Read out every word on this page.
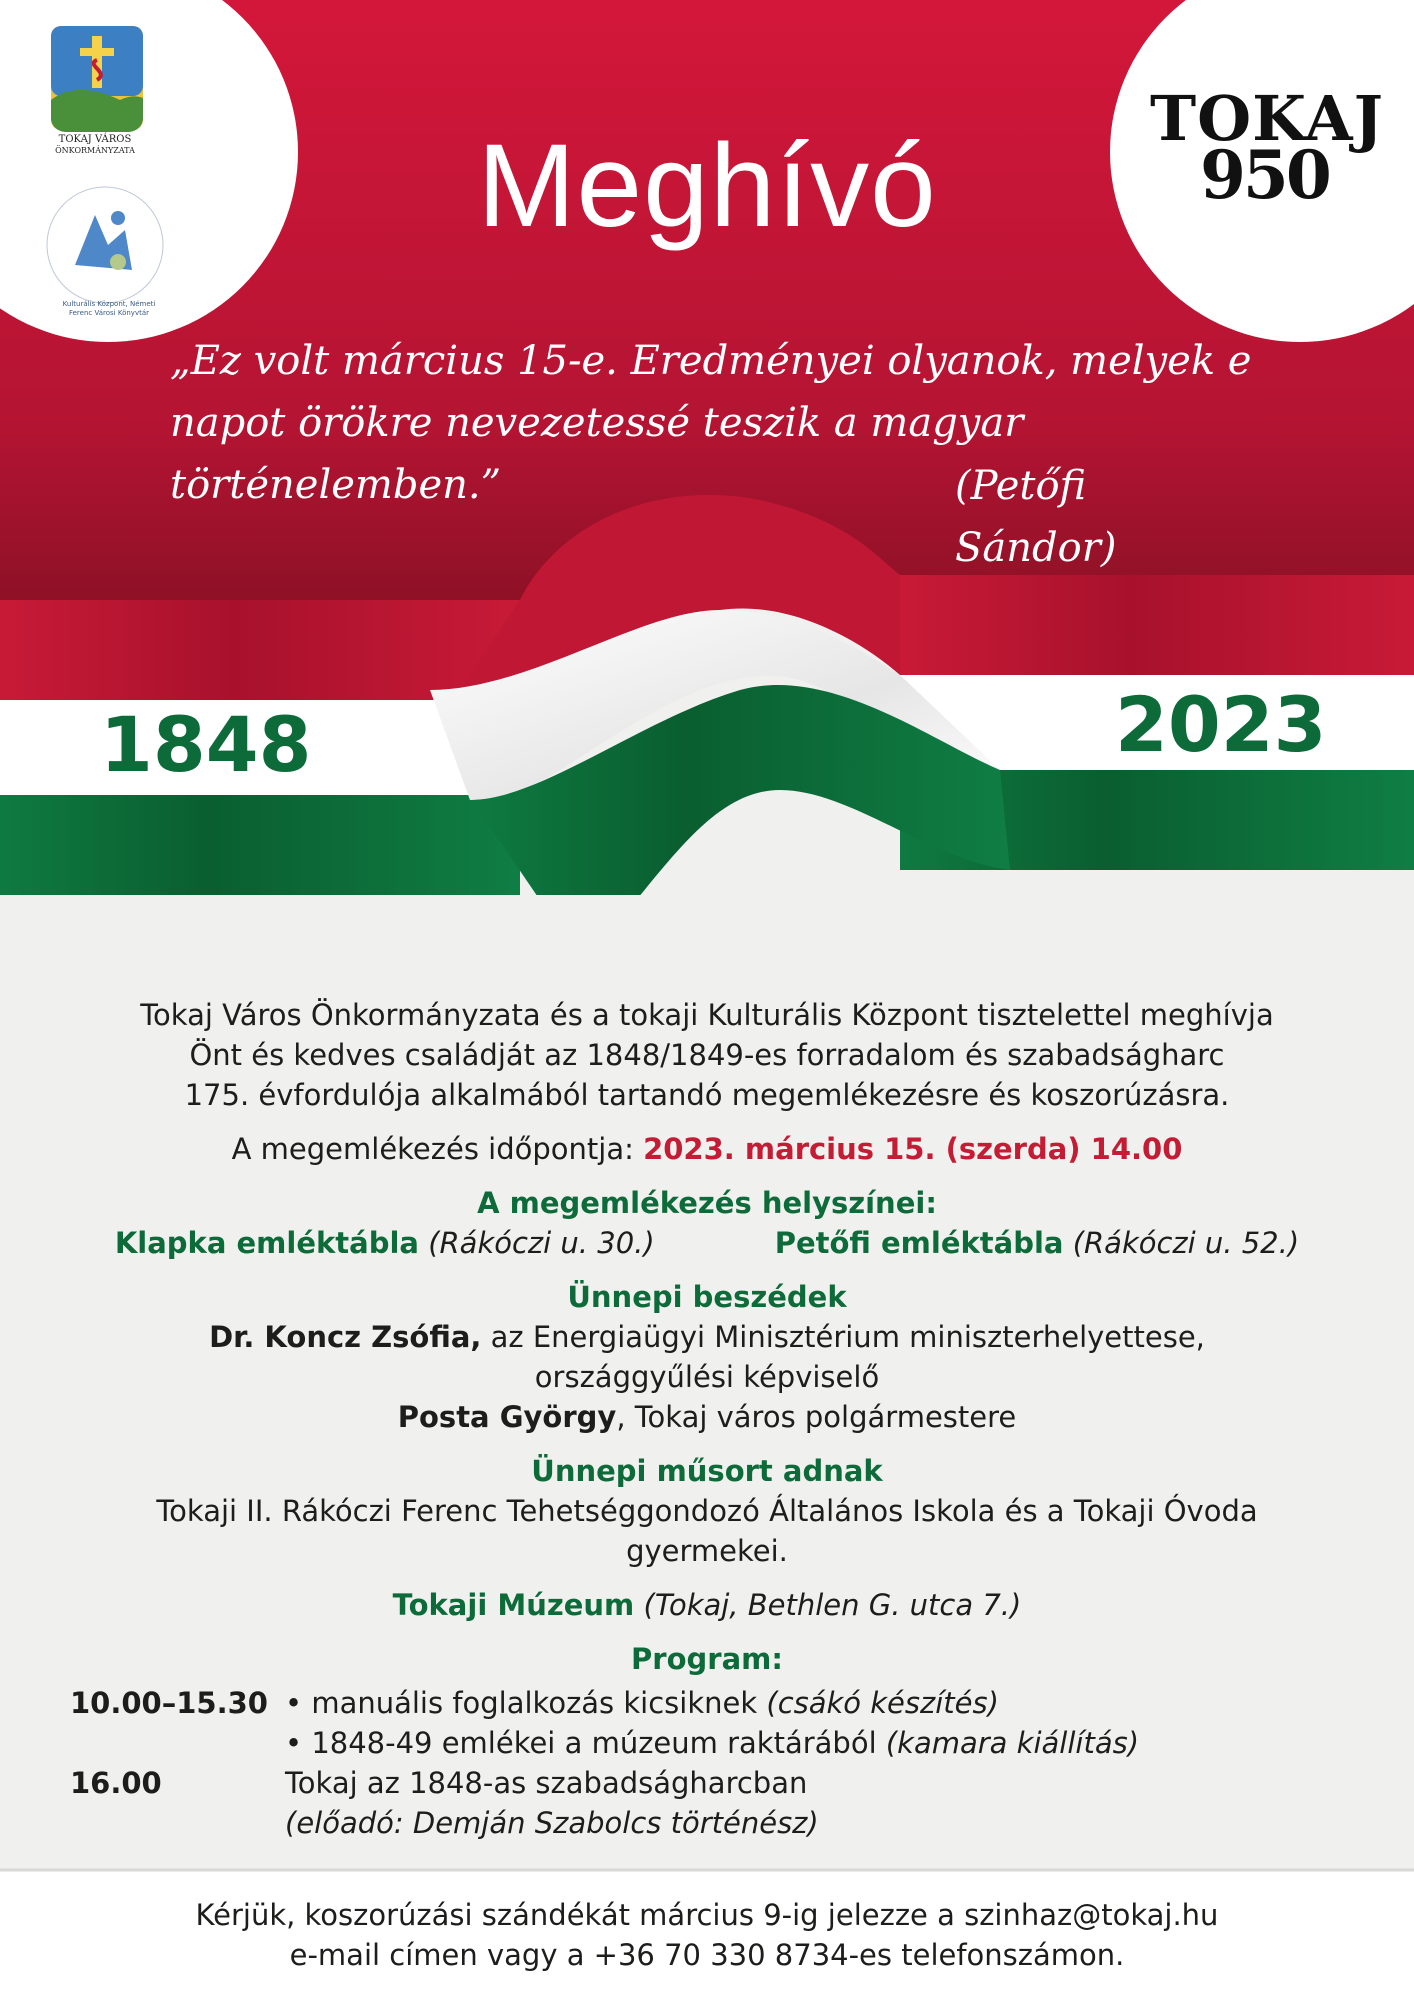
TOKAJ VÁROS
ÖNKORMÁNYZATA
Kulturális Központ, Németi Ferenc Városi Könyvtár
TOKAJ
950
Meghívó
„Ez volt március 15-e. Eredményei olyanok, melyek e
napot örökre nevezetessé teszik a magyar történelemben.”	(Petőfi Sándor)
1848	2023

Tokaj Város Önkormányzata és a tokaji Kulturális Központ tisztelettel meghívja

Önt és kedves családját az 1848/1849-es forradalom és szabadságharc

175. évfordulója alkalmából tartandó megemlékezésre és koszorúzásra.

A megemlékezés időpontja: 2023. március 15. (szerda) 14.00

A megemlékezés helyszínei:

Klapka emléktábla (Rákóczi u. 30.)	Petőfi emléktábla (Rákóczi u. 52.)

Ünnepi beszédek

Dr. Koncz Zsófia, az Energiaügyi Minisztérium miniszterhelyettese,

országgyűlési képviselő

Posta György, Tokaj város polgármestere

Ünnepi műsort adnak

Tokaji II. Rákóczi Ferenc Tehetséggondozó Általános Iskola és a Tokaji Óvoda

gyermekei.

Tokaji Múzeum (Tokaj, Bethlen G. utca 7.)

Program:

10.00–15.30 • manuális foglalkozás kicsiknek (csákó készítés)
• 1848-49 emlékei a múzeum raktárából (kamara kiállítás)
16.00	Tokaj az 1848-as szabadságharcban
(előadó: Demján Szabolcs történész)

Kérjük, koszorúzási szándékát március 9-ig jelezze a szinhaz@tokaj.hu

e-mail címen vagy a +36 70 330 8734-es telefonszámon.
